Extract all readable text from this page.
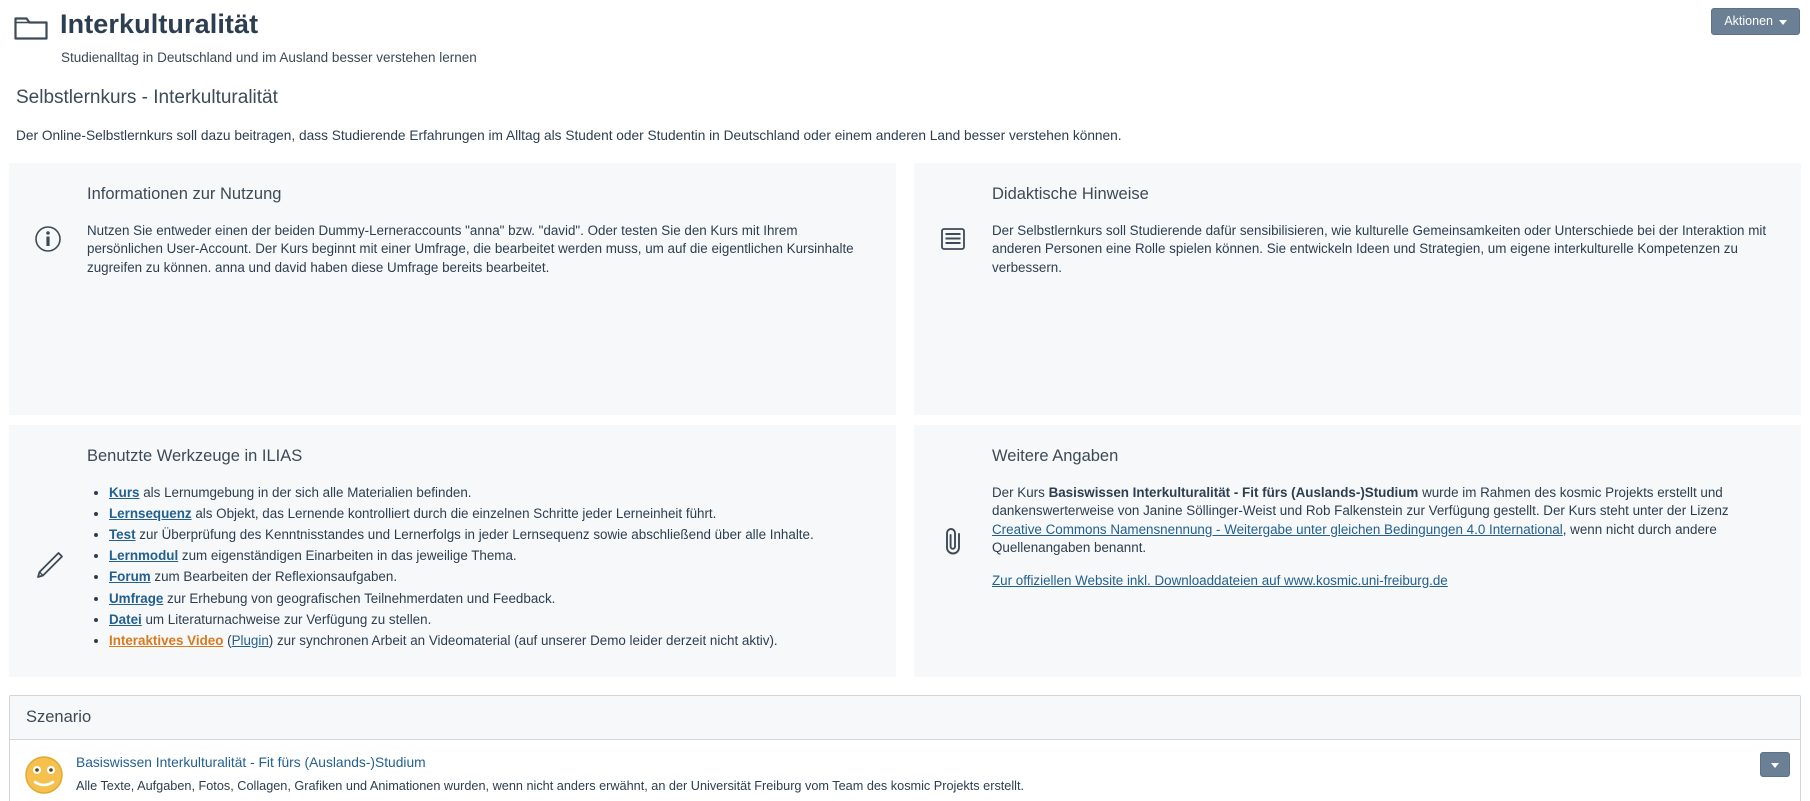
Interkulturalität
Studienalltag in Deutschland und im Ausland besser verstehen lernen
Aktionen
Selbstlernkurs - Interkulturalität
Der Online-Selbstlernkurs soll dazu beitragen, dass Studierende Erfahrungen im Alltag als Student oder Studentin in Deutschland oder einem anderen Land besser verstehen können.
Informationen zur Nutzung
Nutzen Sie entweder einen der beiden Dummy-Lerneraccounts "anna" bzw. "david". Oder testen Sie den Kurs mit Ihrem persönlichen User-Account. Der Kurs beginnt mit einer Umfrage, die bearbeitet werden muss, um auf die eigentlichen Kursinhalte zugreifen zu können. anna und david haben diese Umfrage bereits bearbeitet.
Didaktische Hinweise
Der Selbstlernkurs soll Studierende dafür sensibilisieren, wie kulturelle Gemeinsamkeiten oder Unterschiede bei der Interaktion mit anderen Personen eine Rolle spielen können. Sie entwickeln Ideen und Strategien, um eigene interkulturelle Kompetenzen zu verbessern.
Benutzte Werkzeuge in ILIAS
• Kurs als Lernumgebung in der sich alle Materialien befinden.
• Lernsequenz als Objekt, das Lernende kontrolliert durch die einzelnen Schritte jeder Lerneinheit führt.
• Test zur Überprüfung des Kenntnisstandes und Lernerfolgs in jeder Lernsequenz sowie abschließend über alle Inhalte.
• Lernmodul zum eigenständigen Einarbeiten in das jeweilige Thema.
• Forum zum Bearbeiten der Reflexionsaufgaben.
• Umfrage zur Erhebung von geografischen Teilnehmerdaten und Feedback.
• Datei um Literaturnachweise zur Verfügung zu stellen.
• Interaktives Video (Plugin) zur synchronen Arbeit an Videomaterial (auf unserer Demo leider derzeit nicht aktiv).
Weitere Angaben

Der Kurs Basiswissen Interkulturalität - Fit fürs (Auslands-)Studium wurde im Rahmen des kosmic Projekts erstellt und dankenswerterweise von Janine Söllinger-Weist und Rob Falkenstein zur Verfügung gestellt. Der Kurs steht unter der Lizenz Creative Commons Namensnennung - Weitergabe unter gleichen Bedingungen 4.0 International, wenn nicht durch andere Quellenangaben benannt.

Zur offiziellen Website inkl. Downloaddateien auf www.kosmic.uni-freiburg.de

Szenario
Basiswissen Interkulturalität - Fit fürs (Auslands-)Studium
Alle Texte, Aufgaben, Fotos, Collagen, Grafiken und Animationen wurden, wenn nicht anders erwähnt, an der Universität Freiburg vom Team des kosmic Projekts erstellt.
